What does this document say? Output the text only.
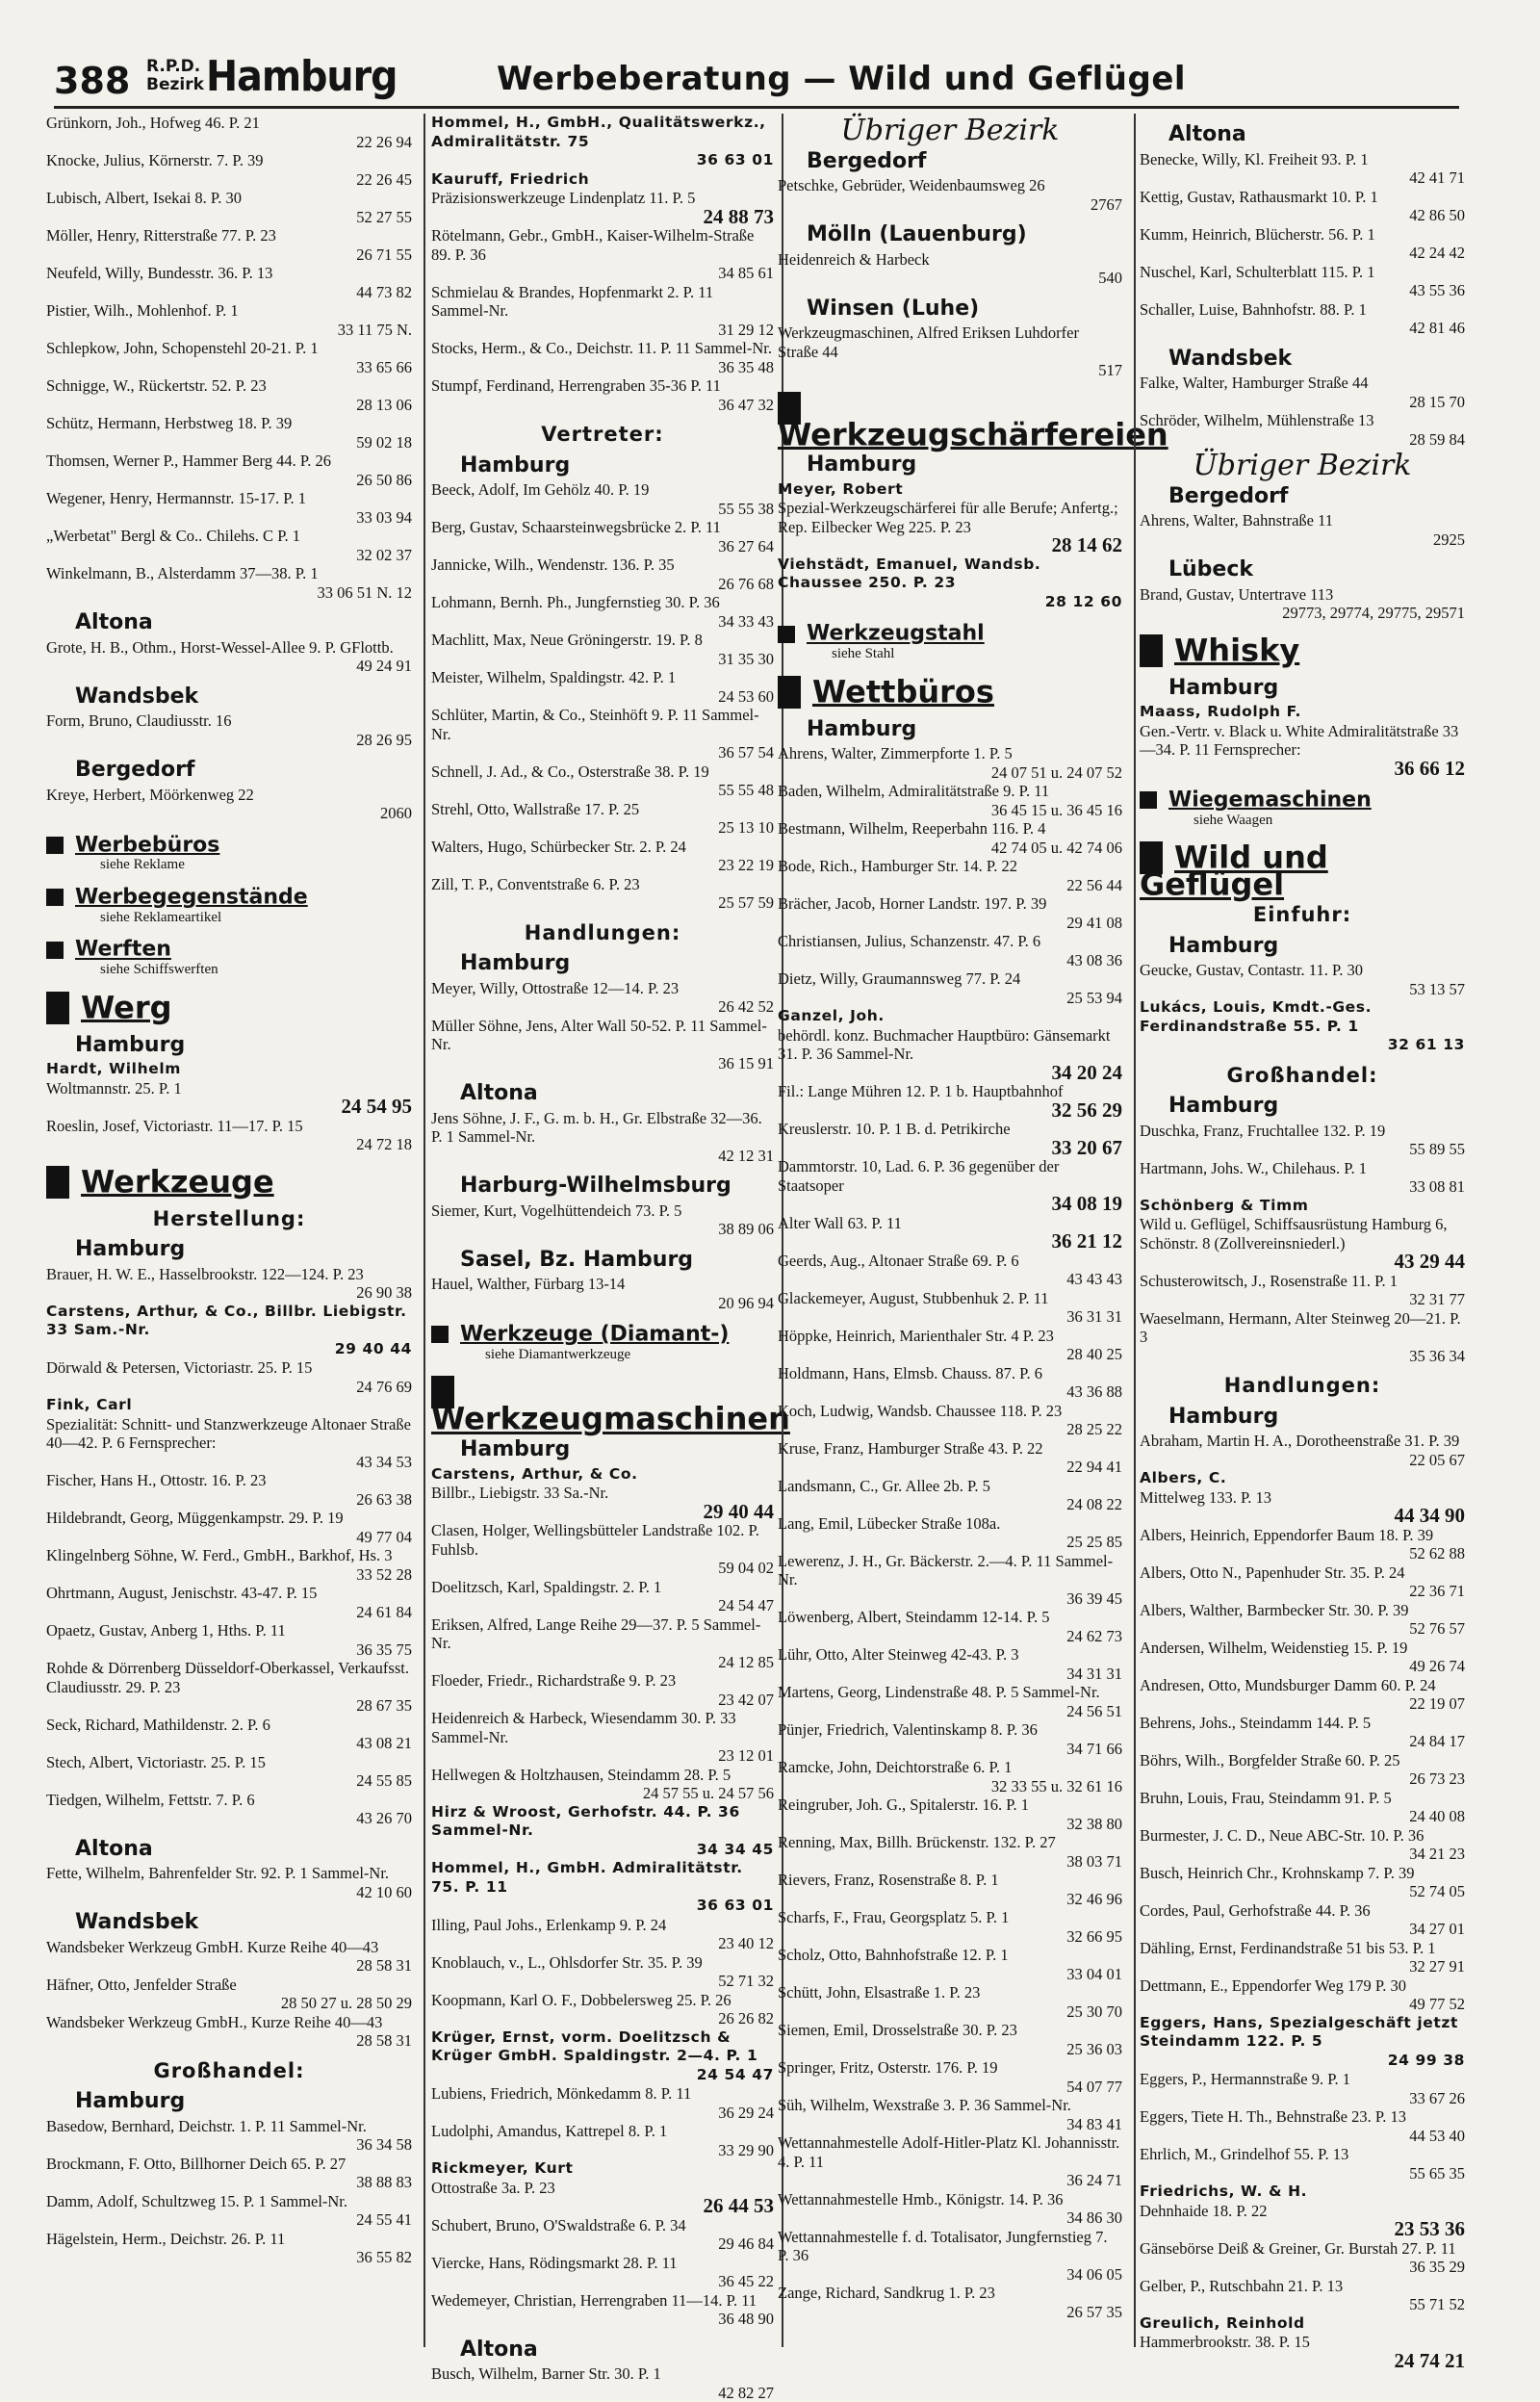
388 R.P.D.
Bezirk Hamburg	Werbeberatung — Wild und Geflügel
Grünkorn, Joh., Hofweg 46. P. 21
22 26 94
Knocke, Julius, Körnerstr. 7. P. 39
22 26 45
Lubisch, Albert, Isekai 8. P. 30
52 27 55
Möller, Henry, Ritterstraße 77. P. 23
26 71 55
Neufeld, Willy, Bundesstr. 36. P. 13
44 73 82
Pistier, Wilh., Mohlenhof. P. 1
33 11 75 N.
Schlepkow, John, Schopenstehl 20-21. P. 1
33 65 66
Schnigge, W., Rückertstr. 52. P. 23
28 13 06
Schütz, Hermann, Herbstweg 18. P. 39
59 02 18
Thomsen, Werner P., Hammer Berg 44. P. 26
26 50 86
Wegener, Henry, Hermannstr. 15-17. P. 1
33 03 94
„Werbetat" Bergl & Co.. Chilehs. C P. 1
32 02 37
Winkelmann, B., Alsterdamm 37—38. P. 1
33 06 51 N. 12
Altona
Grote, H. B., Othm., Horst-Wessel-Allee 9. P. GFlottb.
49 24 91
Wandsbek
Form, Bruno, Claudiusstr. 16
28 26 95
Bergedorf
Kreye, Herbert, Möörkenweg 22
2060
Werbebüros
siehe Reklame
Werbegegenstände
siehe Reklameartikel
Werften
siehe Schiffswerften
Werg
Hamburg
Hardt, Wilhelm
Woltmannstr. 25. P. 1
24 54 95
Roeslin, Josef, Victoriastr. 11—17. P. 15
24 72 18
Werkzeuge
Herstellung:
Hamburg
Brauer, H. W. E., Hasselbrookstr. 122—124. P. 23
26 90 38
Carstens, Arthur, & Co., Billbr. Liebigstr. 33 Sam.-Nr.
29 40 44
Dörwald & Petersen, Victoriastr. 25. P. 15
24 76 69
Fink, Carl
Spezialität: Schnitt- und Stanzwerkzeuge Altonaer Straße 40—42. P. 6 Fernsprecher:
43 34 53
Fischer, Hans H., Ottostr. 16. P. 23
26 63 38
Hildebrandt, Georg, Müggenkampstr. 29. P. 19
49 77 04
Klingelnberg Söhne, W. Ferd., GmbH., Barkhof, Hs. 3
33 52 28
Ohrtmann, August, Jenischstr. 43-47. P. 15
24 61 84
Opaetz, Gustav, Anberg 1, Hths. P. 11
36 35 75
Rohde & Dörrenberg Düsseldorf-Oberkassel, Verkaufsst. Claudiusstr. 29. P. 23
28 67 35
Seck, Richard, Mathildenstr. 2. P. 6
43 08 21
Stech, Albert, Victoriastr. 25. P. 15
24 55 85
Tiedgen, Wilhelm, Fettstr. 7. P. 6
43 26 70
Altona
Fette, Wilhelm, Bahrenfelder Str. 92. P. 1 Sammel-Nr.
42 10 60
Wandsbek
Wandsbeker Werkzeug GmbH. Kurze Reihe 40—43
28 58 31
Häfner, Otto, Jenfelder Straße
28 50 27 u. 28 50 29
Wandsbeker Werkzeug GmbH., Kurze Reihe 40—43
28 58 31
Großhandel:
Hamburg
Basedow, Bernhard, Deichstr. 1. P. 11 Sammel-Nr.
36 34 58
Brockmann, F. Otto, Billhorner Deich 65. P. 27
38 88 83
Damm, Adolf, Schultzweg 15. P. 1 Sammel-Nr.
24 55 41
Hägelstein, Herm., Deichstr. 26. P. 11
36 55 82
Hommel, H., GmbH., Qualitätswerkz., Admiralitätstr. 75
36 63 01
Kauruff, Friedrich
Präzisionswerkzeuge Lindenplatz 11. P. 5
24 88 73
Rötelmann, Gebr., GmbH., Kaiser-Wilhelm-Straße 89. P. 36
34 85 61
Schmielau & Brandes, Hopfenmarkt 2. P. 11 Sammel-Nr.
31 29 12
Stocks, Herm., & Co., Deichstr. 11. P. 11 Sammel-Nr.
36 35 48
Stumpf, Ferdinand, Herrengraben 35-36 P. 11
36 47 32
Vertreter:
Hamburg
Beeck, Adolf, Im Gehölz 40. P. 19
55 55 38
Berg, Gustav, Schaarsteinwegsbrücke 2. P. 11
36 27 64
Jannicke, Wilh., Wendenstr. 136. P. 35
26 76 68
Lohmann, Bernh. Ph., Jungfernstieg 30. P. 36
34 33 43
Machlitt, Max, Neue Gröningerstr. 19. P. 8
31 35 30
Meister, Wilhelm, Spaldingstr. 42. P. 1
24 53 60
Schlüter, Martin, & Co., Steinhöft 9. P. 11 Sammel-Nr.
36 57 54
Schnell, J. Ad., & Co., Osterstraße 38. P. 19
55 55 48
Strehl, Otto, Wallstraße 17. P. 25
25 13 10
Walters, Hugo, Schürbecker Str. 2. P. 24
23 22 19
Zill, T. P., Conventstraße 6. P. 23
25 57 59
Handlungen:
Hamburg
Meyer, Willy, Ottostraße 12—14. P. 23
26 42 52
Müller Söhne, Jens, Alter Wall 50-52. P. 11 Sammel-Nr.
36 15 91
Altona
Jens Söhne, J. F., G. m. b. H., Gr. Elbstraße 32—36. P. 1 Sammel-Nr.
42 12 31
Harburg-Wilhelmsburg
Siemer, Kurt, Vogelhüttendeich 73. P. 5
38 89 06
Sasel, Bz. Hamburg
Hauel, Walther, Fürbarg 13-14
20 96 94
Werkzeuge (Diamant-)
siehe Diamantwerkzeuge
Werkzeugmaschinen
Hamburg
Carstens, Arthur, & Co.
Billbr., Liebigstr. 33 Sa.-Nr.
29 40 44
Clasen, Holger, Wellingsbütteler Landstraße 102. P. Fuhlsb.
59 04 02
Doelitzsch, Karl, Spaldingstr. 2. P. 1
24 54 47
Eriksen, Alfred, Lange Reihe 29—37. P. 5 Sammel-Nr.
24 12 85
Floeder, Friedr., Richardstraße 9. P. 23
23 42 07
Heidenreich & Harbeck, Wiesendamm 30. P. 33 Sammel-Nr.
23 12 01
Hellwegen & Holtzhausen, Steindamm 28. P. 5
24 57 55 u. 24 57 56
Hirz & Wroost, Gerhofstr. 44. P. 36 Sammel-Nr.
34 34 45
Hommel, H., GmbH. Admiralitätstr. 75. P. 11
36 63 01
Illing, Paul Johs., Erlenkamp 9. P. 24
23 40 12
Knoblauch, v., L., Ohlsdorfer Str. 35. P. 39
52 71 32
Koopmann, Karl O. F., Dobbelersweg 25. P. 26
26 26 82
Krüger, Ernst, vorm. Doelitzsch & Krüger GmbH. Spaldingstr. 2—4. P. 1
24 54 47
Lubiens, Friedrich, Mönkedamm 8. P. 11
36 29 24
Ludolphi, Amandus, Kattrepel 8. P. 1
33 29 90
Rickmeyer, Kurt
Ottostraße 3a. P. 23
26 44 53
Schubert, Bruno, O'Swaldstraße 6. P. 34
29 46 84
Viercke, Hans, Rödingsmarkt 28. P. 11
36 45 22
Wedemeyer, Christian, Herrengraben 11—14. P. 11
36 48 90
Altona
Busch, Wilhelm, Barner Str. 30. P. 1
42 82 27
Übriger Bezirk
Bergedorf
Petschke, Gebrüder, Weidenbaumsweg 26
2767
Mölln (Lauenburg)
Heidenreich & Harbeck
540
Winsen (Luhe)
Werkzeugmaschinen, Alfred Eriksen Luhdorfer Straße 44
517
Werkzeugschärfereien
Hamburg
Meyer, Robert
Spezial-Werkzeugschärferei für alle Berufe; Anfertg.; Rep. Eilbecker Weg 225. P. 23
28 14 62
Viehstädt, Emanuel, Wandsb. Chaussee 250. P. 23
28 12 60
Werkzeugstahl
siehe Stahl
Wettbüros
Hamburg
Ahrens, Walter, Zimmerpforte 1. P. 5
24 07 51 u. 24 07 52
Baden, Wilhelm, Admiralitätstraße 9. P. 11
36 45 15 u. 36 45 16
Bestmann, Wilhelm, Reeperbahn 116. P. 4
42 74 05 u. 42 74 06
Bode, Rich., Hamburger Str. 14. P. 22
22 56 44
Brächer, Jacob, Horner Landstr. 197. P. 39
29 41 08
Christiansen, Julius, Schanzenstr. 47. P. 6
43 08 36
Dietz, Willy, Graumannsweg 77. P. 24
25 53 94
Ganzel, Joh.
behördl. konz. Buchmacher Hauptbüro: Gänsemarkt 31. P. 36 Sammel-Nr.
34 20 24
Fil.: Lange Mühren 12. P. 1 b. Hauptbahnhof
32 56 29
Kreuslerstr. 10. P. 1 B. d. Petrikirche
33 20 67
Dammtorstr. 10, Lad. 6. P. 36 gegenüber der Staatsoper
34 08 19
Alter Wall 63. P. 11
36 21 12
Geerds, Aug., Altonaer Straße 69. P. 6
43 43 43
Glackemeyer, August, Stubbenhuk 2. P. 11
36 31 31
Höppke, Heinrich, Marienthaler Str. 4 P. 23
28 40 25
Holdmann, Hans, Elmsb. Chauss. 87. P. 6
43 36 88
Koch, Ludwig, Wandsb. Chaussee 118. P. 23
28 25 22
Kruse, Franz, Hamburger Straße 43. P. 22
22 94 41
Landsmann, C., Gr. Allee 2b. P. 5
24 08 22
Lang, Emil, Lübecker Straße 108a.
25 25 85
Lewerenz, J. H., Gr. Bäckerstr. 2.—4. P. 11 Sammel-Nr.
36 39 45
Löwenberg, Albert, Steindamm 12-14. P. 5
24 62 73
Lühr, Otto, Alter Steinweg 42-43. P. 3
34 31 31
Martens, Georg, Lindenstraße 48. P. 5 Sammel-Nr.
24 56 51
Pünjer, Friedrich, Valentinskamp 8. P. 36
34 71 66
Ramcke, John, Deichtorstraße 6. P. 1
32 33 55 u. 32 61 16
Reingruber, Joh. G., Spitalerstr. 16. P. 1
32 38 80
Renning, Max, Billh. Brückenstr. 132. P. 27
38 03 71
Rievers, Franz, Rosenstraße 8. P. 1
32 46 96
Scharfs, F., Frau, Georgsplatz 5. P. 1
32 66 95
Scholz, Otto, Bahnhofstraße 12. P. 1
33 04 01
Schütt, John, Elsastraße 1. P. 23
25 30 70
Siemen, Emil, Drosselstraße 30. P. 23
25 36 03
Springer, Fritz, Osterstr. 176. P. 19
54 07 77
Süh, Wilhelm, Wexstraße 3. P. 36 Sammel-Nr.
34 83 41
Wettannahmestelle Adolf-Hitler-Platz Kl. Johannisstr. 4. P. 11
36 24 71
Wettannahmestelle Hmb., Königstr. 14. P. 36
34 86 30
Wettannahmestelle f. d. Totalisator, Jungfernstieg 7. P. 36
34 06 05
Zange, Richard, Sandkrug 1. P. 23
26 57 35
Altona
Benecke, Willy, Kl. Freiheit 93. P. 1
42 41 71
Kettig, Gustav, Rathausmarkt 10. P. 1
42 86 50
Kumm, Heinrich, Blücherstr. 56. P. 1
42 24 42
Nuschel, Karl, Schulterblatt 115. P. 1
43 55 36
Schaller, Luise, Bahnhofstr. 88. P. 1
42 81 46
Wandsbek
Falke, Walter, Hamburger Straße 44
28 15 70
Schröder, Wilhelm, Mühlenstraße 13
28 59 84
Übriger Bezirk
Bergedorf
Ahrens, Walter, Bahnstraße 11
2925
Lübeck
Brand, Gustav, Untertrave 113
29773, 29774, 29775, 29571
Whisky
Hamburg
Maass, Rudolph F.
Gen.-Vertr. v. Black u. White Admiralitätstraße 33—34. P. 11 Fernsprecher:
36 66 12
Wiegemaschinen
siehe Waagen
Wild und Geflügel
Einfuhr:
Hamburg
Geucke, Gustav, Contastr. 11. P. 30
53 13 57
Lukács, Louis, Kmdt.-Ges. Ferdinandstraße 55. P. 1
32 61 13
Großhandel:
Hamburg
Duschka, Franz, Fruchtallee 132. P. 19
55 89 55
Hartmann, Johs. W., Chilehaus. P. 1
33 08 81
Schönberg & Timm
Wild u. Geflügel, Schiffsausrüstung Hamburg 6, Schönstr. 8 (Zollvereinsniederl.)
43 29 44
Schusterowitsch, J., Rosenstraße 11. P. 1
32 31 77
Waeselmann, Hermann, Alter Steinweg 20—21. P. 3
35 36 34
Handlungen:
Hamburg
Abraham, Martin H. A., Dorotheenstraße 31. P. 39
22 05 67
Albers, C.
Mittelweg 133. P. 13
44 34 90
Albers, Heinrich, Eppendorfer Baum 18. P. 39
52 62 88
Albers, Otto N., Papenhuder Str. 35. P. 24
22 36 71
Albers, Walther, Barmbecker Str. 30. P. 39
52 76 57
Andersen, Wilhelm, Weidenstieg 15. P. 19
49 26 74
Andresen, Otto, Mundsburger Damm 60. P. 24
22 19 07
Behrens, Johs., Steindamm 144. P. 5
24 84 17
Böhrs, Wilh., Borgfelder Straße 60. P. 25
26 73 23
Bruhn, Louis, Frau, Steindamm 91. P. 5
24 40 08
Burmester, J. C. D., Neue ABC-Str. 10. P. 36
34 21 23
Busch, Heinrich Chr., Krohnskamp 7. P. 39
52 74 05
Cordes, Paul, Gerhofstraße 44. P. 36
34 27 01
Dähling, Ernst, Ferdinandstraße 51 bis 53. P. 1
32 27 91
Dettmann, E., Eppendorfer Weg 179 P. 30
49 77 52
Eggers, Hans, Spezialgeschäft jetzt Steindamm 122. P. 5
24 99 38
Eggers, P., Hermannstraße 9. P. 1
33 67 26
Eggers, Tiete H. Th., Behnstraße 23. P. 13
44 53 40
Ehrlich, M., Grindelhof 55. P. 13
55 65 35
Friedrichs, W. & H.
Dehnhaide 18. P. 22
23 53 36
Gänsebörse Deiß & Greiner, Gr. Burstah 27. P. 11
36 35 29
Gelber, P., Rutschbahn 21. P. 13
55 71 52
Greulich, Reinhold
Hammerbrookstr. 38. P. 15
24 74 21
